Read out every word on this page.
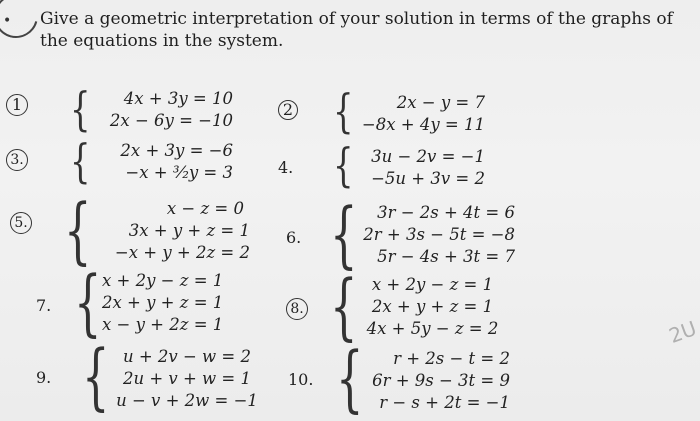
• Give a geometric interpretation of your solution in terms of the graphs of the equations in the system.
1 {	4x + 3y = 10
2x − 6y = −10
2 {	2x − y = 7
−8x + 4y = 11
3. {	2x + 3y = −6
−x + ³⁄₂y = 3	4. {	3u − 2v = −1
−5u + 3v = 2
5. {	x − z = 0
3x + y + z = 1
−x + y + 2z = 2
6. {	3r − 2s + 4t = 6
2r + 3s − 5t = −8
5r − 4s + 3t = 7
7. { x + 2y − z = 1
2x + y + z = 1
x − y + 2z = 1
8. { x + 2y − z = 1
2x + y + z = 1
4x + 5y − z = 2
9. { u + 2v − w = 2
2u + v + w = 1
u − v + 2w = −1
10. {	r + 2s − t = 2
6r + 9s − 3t = 9
r − s + 2t = −1
2U
